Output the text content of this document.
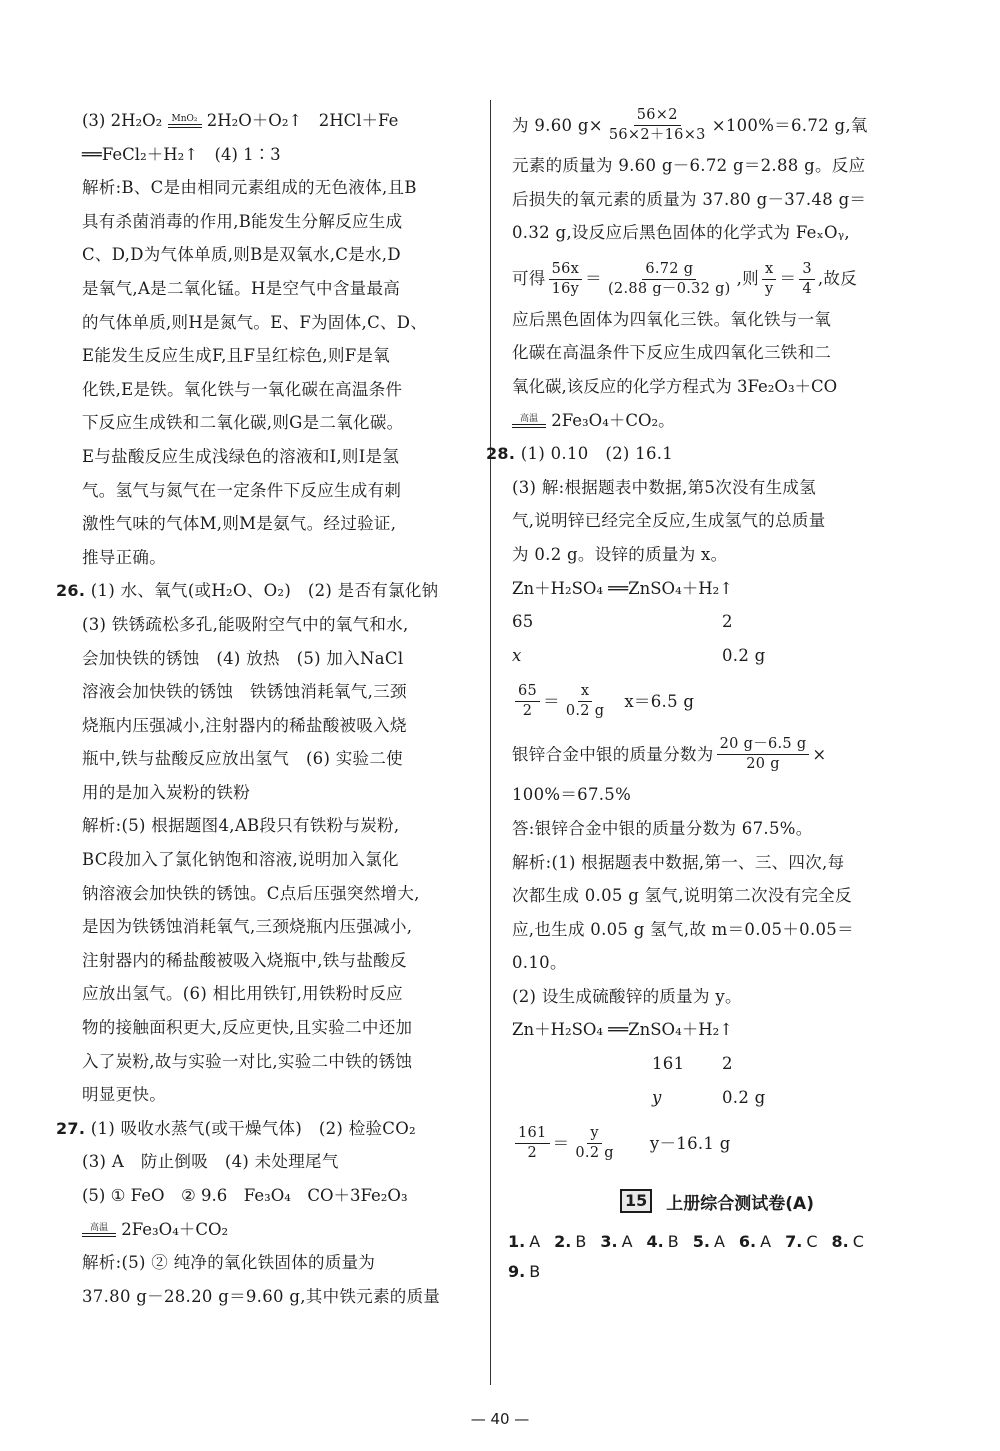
(3) 2H₂O₂ MnO₂ 2H₂O＋O₂↑　2HCl＋Fe
══FeCl₂＋H₂↑　(4) 1∶3
解析:B、C是由相同元素组成的无色液体,且B
具有杀菌消毒的作用,B能发生分解反应生成
C、D,D为气体单质,则B是双氧水,C是水,D
是氧气,A是二氧化锰。H是空气中含量最高
的气体单质,则H是氮气。E、F为固体,C、D、
E能发生反应生成F,且F呈红棕色,则F是氧
化铁,E是铁。氧化铁与一氧化碳在高温条件
下反应生成铁和二氧化碳,则G是二氧化碳。
E与盐酸反应生成浅绿色的溶液和I,则I是氢
气。氢气与氮气在一定条件下反应生成有刺
激性气味的气体M,则M是氨气。经过验证,
推导正确。
26. (1) 水、氧气(或H₂O、O₂)　(2) 是否有氯化钠
(3) 铁锈疏松多孔,能吸附空气中的氧气和水,
会加快铁的锈蚀　(4) 放热　(5) 加入NaCl
溶液会加快铁的锈蚀　铁锈蚀消耗氧气,三颈
烧瓶内压强减小,注射器内的稀盐酸被吸入烧
瓶中,铁与盐酸反应放出氢气　(6) 实验二使
用的是加入炭粉的铁粉
解析:(5) 根据题图4,AB段只有铁粉与炭粉,
BC段加入了氯化钠饱和溶液,说明加入氯化
钠溶液会加快铁的锈蚀。C点后压强突然增大,
是因为铁锈蚀消耗氧气,三颈烧瓶内压强减小,
注射器内的稀盐酸被吸入烧瓶中,铁与盐酸反
应放出氢气。(6) 相比用铁钉,用铁粉时反应
物的接触面积更大,反应更快,且实验二中还加
入了炭粉,故与实验一对比,实验二中铁的锈蚀
明显更快。
27. (1) 吸收水蒸气(或干燥气体)　(2) 检验CO₂
(3) A　防止倒吸　(4) 未处理尾气
(5) ① FeO　② 9.6　Fe₃O₄　CO＋3Fe₂O₃
高温 2Fe₃O₄＋CO₂
解析:(5) ② 纯净的氧化铁固体的质量为
37.80 g－28.20 g＝9.60 g,其中铁元素的质量
为 9.60 $g\times \frac{56\times 2}{56\times 2+16\times 3} \times 100\%=6.72$ g,氧
元素的质量为 9.60 g－6.72 g＝2.88 g。反应
后损失的氧元素的质量为 37.80 g－37.48 g＝
0.32 g,设反应后黑色固体的化学式为 FeₓOᵧ,
可得 $\frac{56x}{16y} = \frac{6.72 g}{(2.88 g-0.32 g)}$ ,则 $\frac{x}{y} = \frac{3}{4}$ ,故反
应后黑色固体为四氧化三铁。氧化铁与一氧
化碳在高温条件下反应生成四氧化三铁和二
氧化碳,该反应的化学方程式为 3Fe₂O₃＋CO
高温 2Fe₃O₄＋CO₂。
28. (1) 0.10　(2) 16.1
(3) 解:根据题表中数据,第5次没有生成氢
气,说明锌已经完全反应,生成氢气的总质量
为 0.2 g。设锌的质量为 x。
Zn＋H₂SO₄ ══ZnSO₄＋H₂↑
65	2
x	0.2 g
$\frac{65}{2} = \frac{x}{0.2 g} x=6.5$ g
银锌合金中银的质量分数为 $\frac{20 g-6.5 g}{20 g}$ ×
100%＝67.5%
答:银锌合金中银的质量分数为 67.5%。
解析:(1) 根据题表中数据,第一、三、四次,每
次都生成 0.05 g 氢气,说明第二次没有完全反
应,也生成 0.05 g 氢气,故 m＝0.05＋0.05＝
0.10。
(2) 设生成硫酸锌的质量为 y。
Zn＋H₂SO₄ ══ZnSO₄＋H₂↑
161 2
y	0.2 g
$\frac{161}{2} = \frac{y}{0.2 g} y-16.1$ g
15 上册综合测试卷(A)
1. A 2. B 3. A 4. B 5. A 6. A 7. C 8. C
9. B
— 40 —
